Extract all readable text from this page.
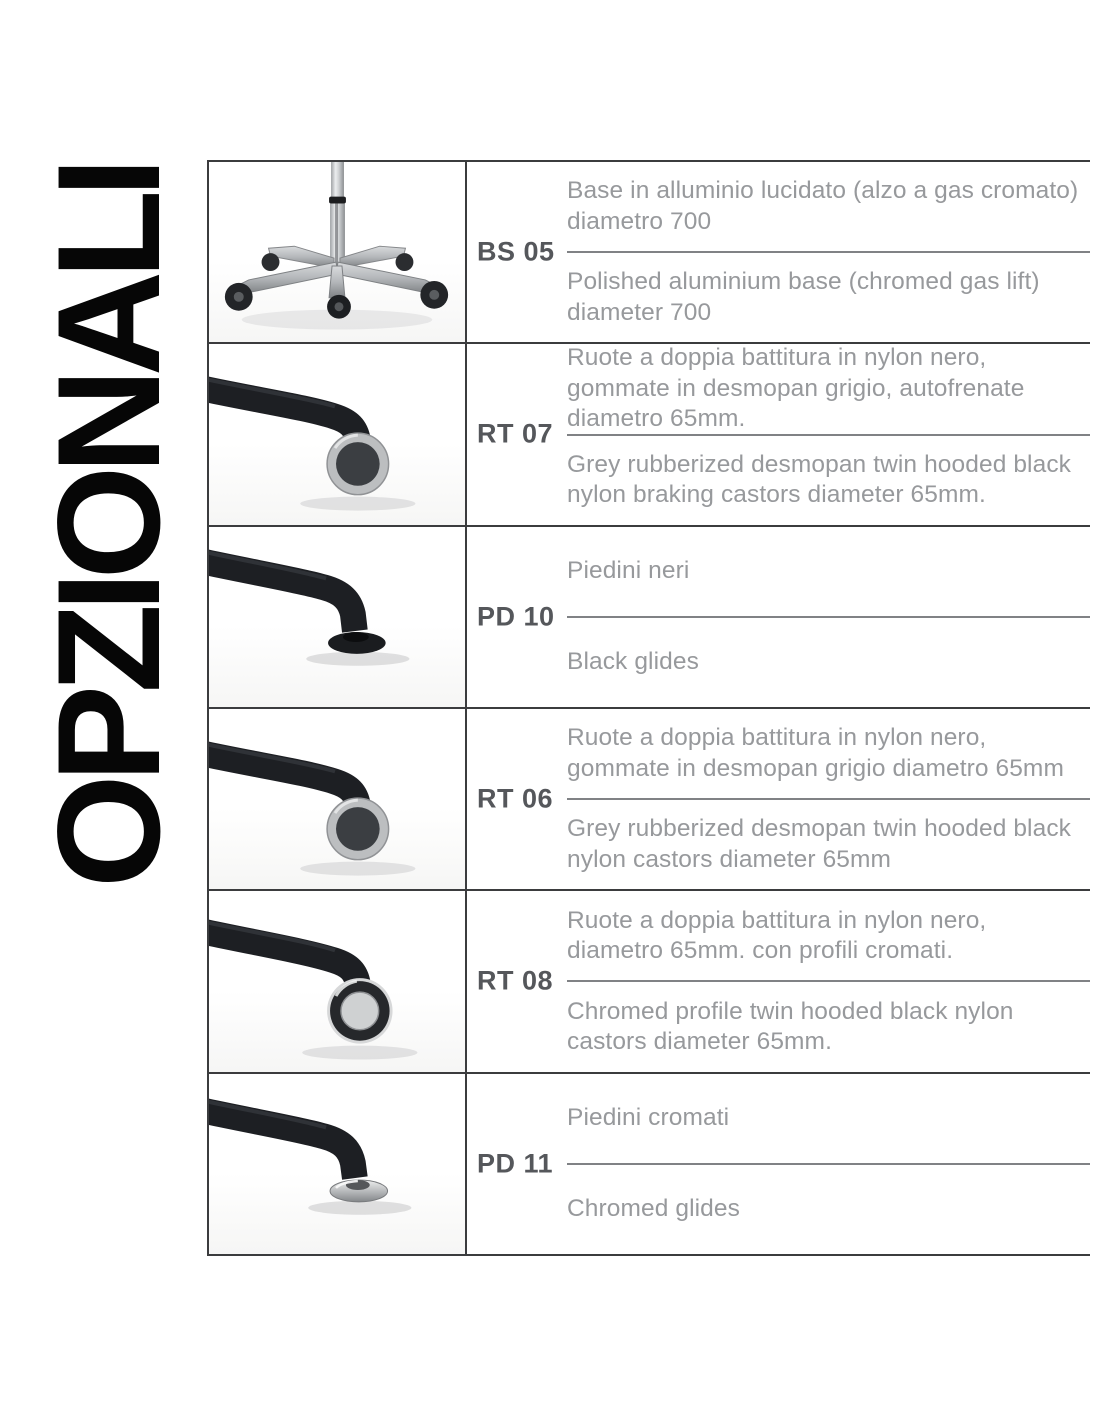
OPZIONALI	BS 05
Base in alluminio lucidato (alzo a gas cromato) diametro 700
Polished aluminium base (chromed gas lift) diameter 700
RT 07
Ruote a doppia battitura in nylon nero, gommate in desmopan grigio, autofrenate diametro 65mm.
Grey rubberized desmopan twin hooded black nylon braking castors diameter 65mm.
PD 10
Piedini neri
Black glides
RT 06
Ruote a doppia battitura in nylon nero, gommate in desmopan grigio diametro 65mm
Grey rubberized desmopan twin hooded black nylon castors diameter 65mm
RT 08
Ruote a doppia battitura in nylon nero, diametro 65mm. con profili cromati.
Chromed profile twin hooded black nylon castors diameter 65mm.
PD 11
Piedini cromati
Chromed glides
